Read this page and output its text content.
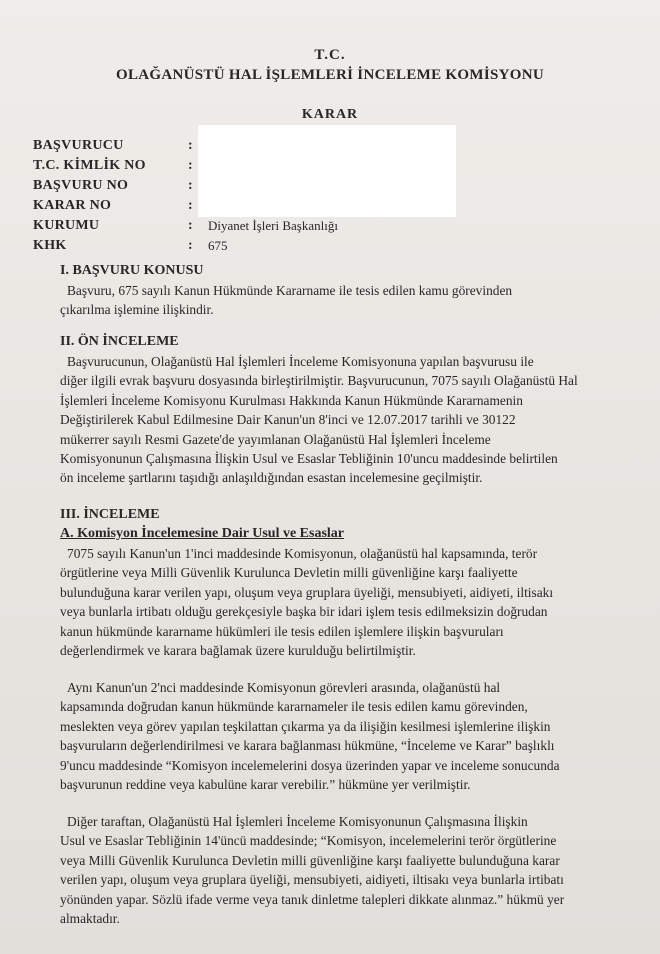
T.C.
OLAĞANÜSTÜ HAL İŞLEMLERİ İNCELEME KOMİSYONU
KARAR
BAŞVURUCU	:
T.C. KİMLİK NO	:
BAŞVURU NO	:
KARAR NO	:
KURUMU	: Diyanet İşleri Başkanlığı
KHK	: 675
I. BAŞVURU KONUSU
Başvuru, 675 sayılı Kanun Hükmünde Kararname ile tesis edilen kamu görevinden
çıkarılma işlemine ilişkindir.
II. ÖN İNCELEME
Başvurucunun, Olağanüstü Hal İşlemleri İnceleme Komisyonuna yapılan başvurusu ile
diğer ilgili evrak başvuru dosyasında birleştirilmiştir. Başvurucunun, 7075 sayılı Olağanüstü Hal
İşlemleri İnceleme Komisyonu Kurulması Hakkında Kanun Hükmünde Kararnamenin
Değiştirilerek Kabul Edilmesine Dair Kanun'un 8'inci ve 12.07.2017 tarihli ve 30122
mükerrer sayılı Resmi Gazete'de yayımlanan Olağanüstü Hal İşlemleri İnceleme
Komisyonunun Çalışmasına İlişkin Usul ve Esaslar Tebliğinin 10'uncu maddesinde belirtilen
ön inceleme şartlarını taşıdığı anlaşıldığından esastan incelemesine geçilmiştir.
III. İNCELEME
A. Komisyon İncelemesine Dair Usul ve Esaslar
7075 sayılı Kanun'un 1'inci maddesinde Komisyonun, olağanüstü hal kapsamında, terör
örgütlerine veya Milli Güvenlik Kurulunca Devletin milli güvenliğine karşı faaliyette
bulunduğuna karar verilen yapı, oluşum veya gruplara üyeliği, mensubiyeti, aidiyeti, iltisakı
veya bunlarla irtibatı olduğu gerekçesiyle başka bir idari işlem tesis edilmeksizin doğrudan
kanun hükmünde kararname hükümleri ile tesis edilen işlemlere ilişkin başvuruları
değerlendirmek ve karara bağlamak üzere kurulduğu belirtilmiştir.
Aynı Kanun'un 2'nci maddesinde Komisyonun görevleri arasında, olağanüstü hal
kapsamında doğrudan kanun hükmünde kararnameler ile tesis edilen kamu görevinden,
meslekten veya görev yapılan teşkilattan çıkarma ya da ilişiğin kesilmesi işlemlerine ilişkin
başvuruların değerlendirilmesi ve karara bağlanması hükmüne, “İnceleme ve Karar” başlıklı
9'uncu maddesinde “Komisyon incelemelerini dosya üzerinden yapar ve inceleme sonucunda
başvurunun reddine veya kabulüne karar verebilir.” hükmüne yer verilmiştir.
Diğer taraftan, Olağanüstü Hal İşlemleri İnceleme Komisyonunun Çalışmasına İlişkin
Usul ve Esaslar Tebliğinin 14'üncü maddesinde; “Komisyon, incelemelerini terör örgütlerine
veya Milli Güvenlik Kurulunca Devletin milli güvenliğine karşı faaliyette bulunduğuna karar
verilen yapı, oluşum veya gruplara üyeliği, mensubiyeti, aidiyeti, iltisakı veya bunlarla irtibatı
yönünden yapar. Sözlü ifade verme veya tanık dinletme talepleri dikkate alınmaz.” hükmü yer
almaktadır.
